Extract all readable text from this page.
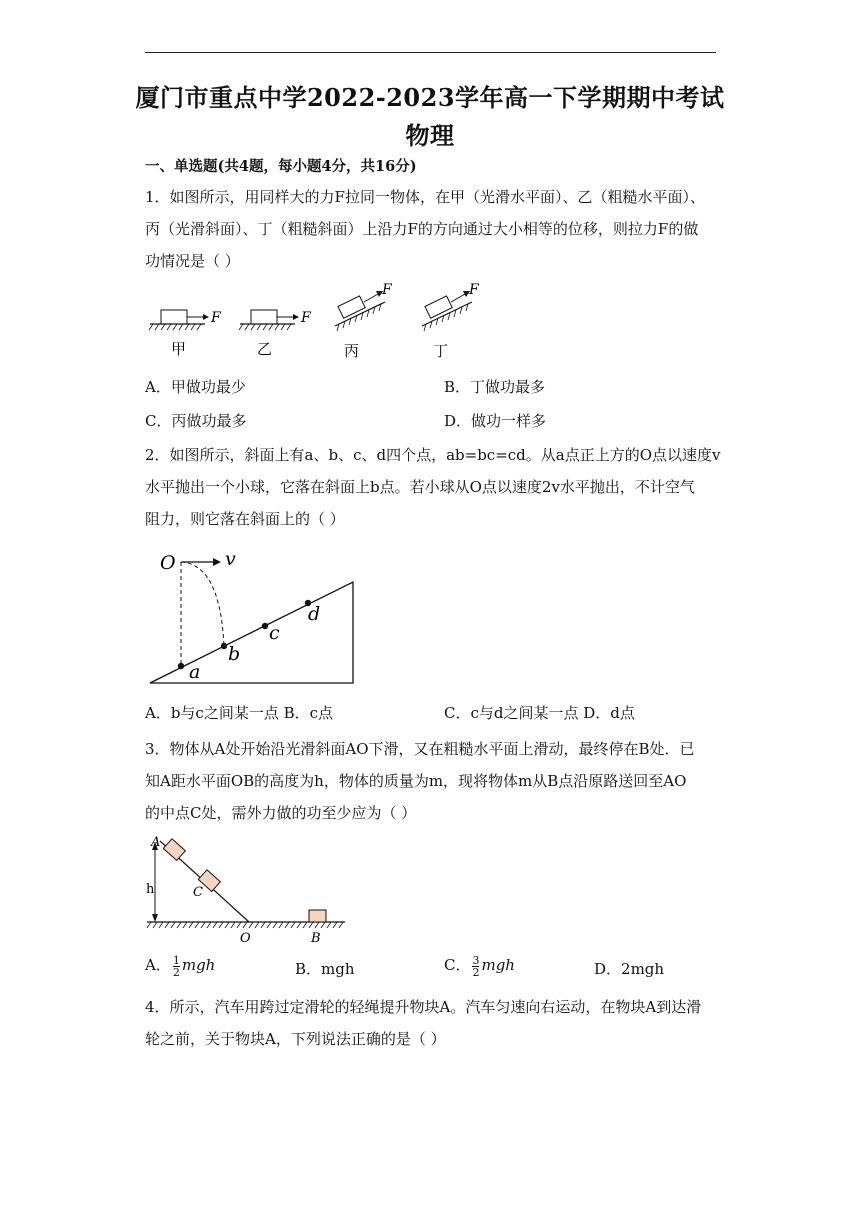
厦门市重点中学2022-2023学年高一下学期期中考试
物理
一、单选题(共4题，每小题4分，共16分)
1．如图所示，用同样大的力F拉同一物体，在甲（光滑水平面）、乙（粗糙水平面）、
丙（光滑斜面）、丁（粗糙斜面）上沿力F的方向通过大小相等的位移，则拉力F的做
功情况是（ ）
F
甲
F
乙
F
丙
F
丁
A．甲做功最少	B．丁做功最多
C．丙做功最多	D．做功一样多
2．如图所示，斜面上有a、b、c、d四个点，ab=bc=cd。从a点正上方的O点以速度v
水平抛出一个小球，它落在斜面上b点。若小球从O点以速度2v水平抛出，不计空气
阻力，则它落在斜面上的（ ）
O	v
a
b
c
d
A．b与c之间某一点 B．c点	C．c与d之间某一点 D．d点
3．物体从A处开始沿光滑斜面AO下滑，又在粗糙水平面上滑动，最终停在B处．已
知A距水平面OB的高度为h，物体的质量为m，现将物体m从B点沿原路送回至AO
的中点C处，需外力做的功至少应为（ ）
A
h	C
O	B
A． $\frac{1}{2}$ mgh	B．mgh	C． $\frac{3}{2}$ mgh	D．2mgh
4．所示，汽车用跨过定滑轮的轻绳提升物块A。汽车匀速向右运动，在物块A到达滑
轮之前，关于物块A，下列说法正确的是（ ）
